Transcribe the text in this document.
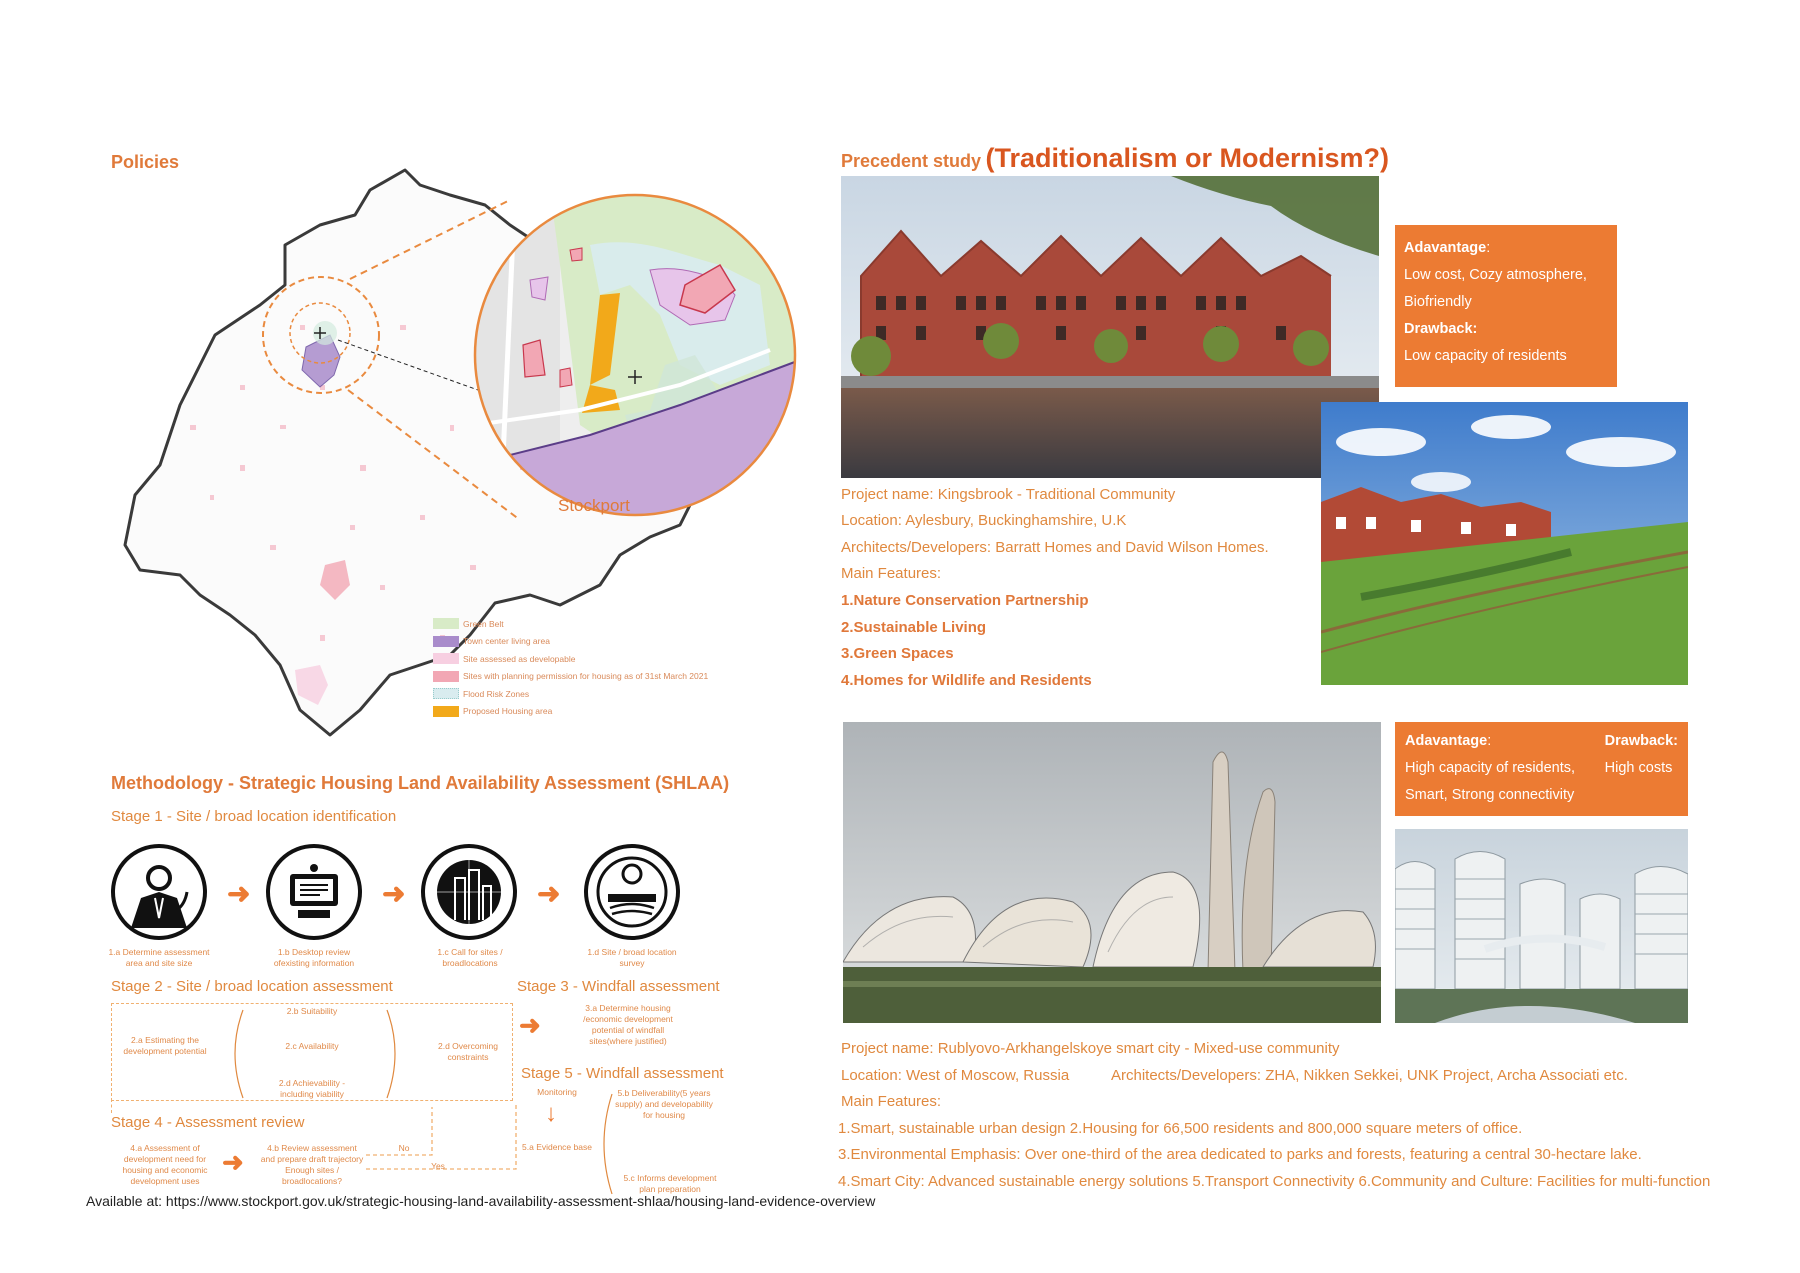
Policies
Stockport
Green Belt
Town center living area
Site assessed as developable
Sites with planning permission for housing as of 31st March 2021
Flood Risk Zones
Proposed Housing area
Methodology - Strategic Housing Land Availability Assessment (SHLAA)
Stage 1 - Site / broad location identification
➜	➜	➜
1.a Determine assessment area and site size
1.b Desktop review ofexisting information
1.c Call for sites / broadlocations
1.d Site / broad location survey
Stage 2 - Site / broad location assessment	Stage 3 - Windfall assessment
2.a Estimating the development potential
2.b Suitability
2.c Availability
2.d Achievability - including viability
2.d Overcoming constraints
➜
3.a Determine housing /economic development potential of windfall sites(where justified)
Stage 5 - Windfall assessment
Monitoring
↓
5.a Evidence base
5.b Deliverability(5 years supply) and developability for housing
5.c Informs development plan preparation
Stage 4 - Assessment review
4.a Assessment of development need for housing and economic development uses
➜	4.b Review assessment and prepare draft trajectory Enough sites / broadlocations?
No
Yes
Available at: https://www.stockport.gov.uk/strategic-housing-land-availability-assessment-shlaa/housing-land-evidence-overview
Precedent study (Traditionalism or Modernism?)
Adavantage:
Low cost, Cozy atmosphere, Biofriendly
Drawback:
Low capacity of residents
Project name: Kingsbrook - Traditional Community
Location: Aylesbury, Buckinghamshire, U.K
Architects/Developers: Barratt Homes and David Wilson Homes.
Main Features:
1.Nature Conservation Partnership
2.Sustainable Living
3.Green Spaces
4.Homes for Wildlife and Residents
Adavantage:
High capacity of residents,
Smart, Strong connectivity
Drawback:
High costs
Project name: Rublyovo-Arkhangelskoye smart city - Mixed-use community
Location: West of Moscow, Russia	Architects/Developers: ZHA, Nikken Sekkei, UNK Project, Archa Associati etc.
Main Features:
1.Smart, sustainable urban design 2.Housing for 66,500 residents and 800,000 square meters of office.
3.Environmental Emphasis: Over one-third of the area dedicated to parks and forests, featuring a central 30-hectare lake.
4.Smart City: Advanced sustainable energy solutions 5.Transport Connectivity 6.Community and Culture: Facilities for multi-function
